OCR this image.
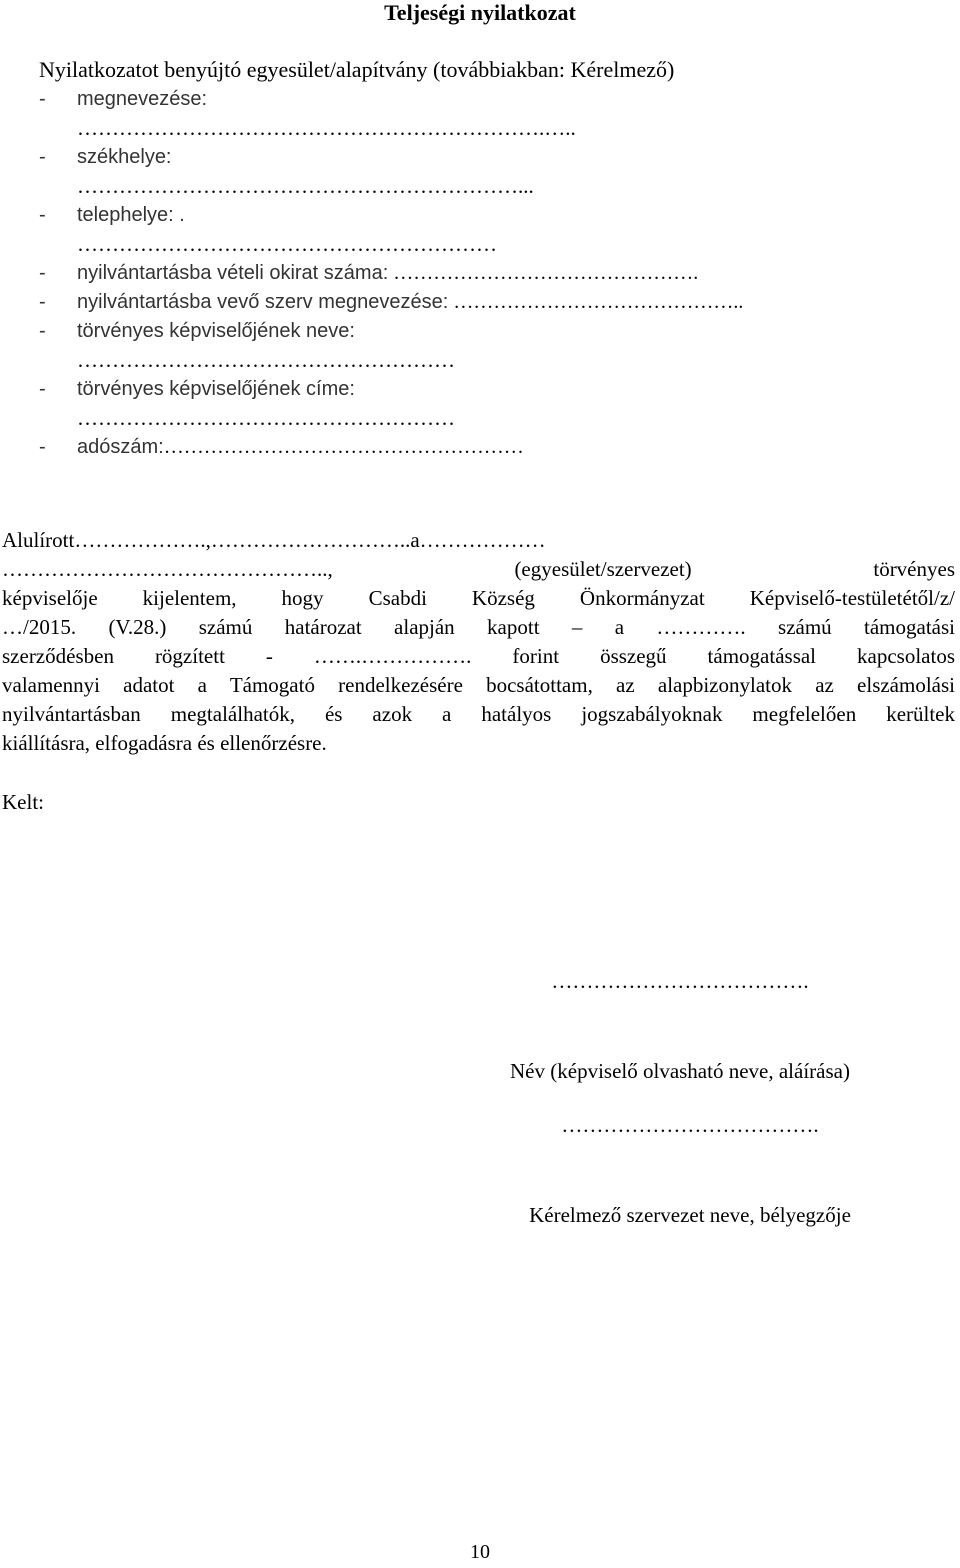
Teljeségi nyilatkozat
Nyilatkozatot benyújtó egyesület/alapítvány (továbbiakban: Kérelmező)
- megnevezése:
………………………………………………………….…..
- székhelye:
………………………………………………………...
- telephelye: .
……………………………………………………
- nyilvántartásba vételi okirat száma: ……………………………………….
- nyilvántartásba vevő szerv megnevezése: ……………………………………..
- törvényes képviselőjének neve:
………………………………………………
- törvényes képviselőjének címe:
………………………………………………
- adószám:………………………………………………
Alulírott……………….,………………………..a………………
……………………………………….., (egyesület/szervezet) törvényes
képviselője kijelentem, hogy Csabdi Község Önkormányzat Képviselő-testületétől/z/
…/2015. (V.28.) számú határozat alapján kapott – a …………. számú támogatási
szerződésben rögzített - …….……………. forint összegű támogatással kapcsolatos
valamennyi adatot a Támogató rendelkezésére bocsátottam, az alapbizonylatok az elszámolási
nyilvántartásban megtalálhatók, és azok a hatályos jogszabályoknak megfelelően kerültek
kiállításra, elfogadásra és ellenőrzésre.
Kelt:

……………………………….

Név (képviselő olvasható neve, aláírása)

……………………………….

Kérelmező szervezet neve, bélyegzője

10
